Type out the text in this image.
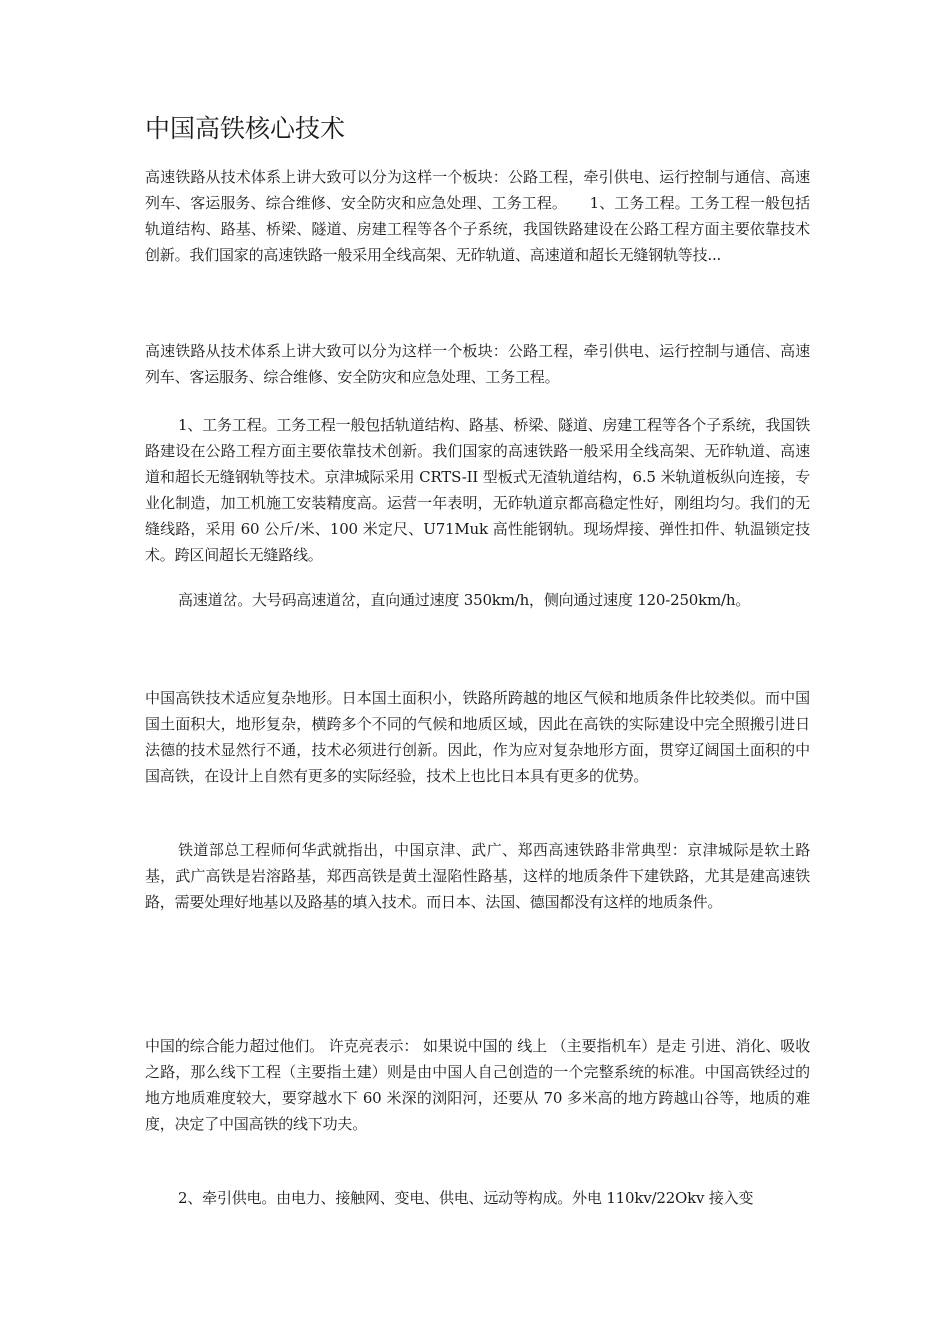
中国高铁核心技术

高速铁路从技术体系上讲大致可以分为这样一个板块：公路工程，牵引供电、运行控制与通信、高速列车、客运服务、综合维修、安全防灾和应急处理、工务工程。　　1、工务工程。工务工程一般包括轨道结构、路基、桥梁、隧道、房建工程等各个子系统，我国铁路建设在公路工程方面主要依靠技术创新。我们国家的高速铁路一般采用全线高架、无砟轨道、高速道和超长无缝钢轨等技...

高速铁路从技术体系上讲大致可以分为这样一个板块：公路工程，牵引供电、运行控制与通信、高速列车、客运服务、综合维修、安全防灾和应急处理、工务工程。

1、工务工程。工务工程一般包括轨道结构、路基、桥梁、隧道、房建工程等各个子系统，我国铁路建设在公路工程方面主要依靠技术创新。我们国家的高速铁路一般采用全线高架、无砟轨道、高速道和超长无缝钢轨等技术。京津城际采用 CRTS-II 型板式无渣轨道结构，6.5 米轨道板纵向连接，专业化制造，加工机施工安装精度高。运营一年表明，无砟轨道京都高稳定性好，刚组均匀。我们的无缝线路，采用 60 公斤/米、100 米定尺、U71Muk 高性能钢轨。现场焊接、弹性扣件、轨温锁定技术。跨区间超长无缝路线。

高速道岔。大号码高速道岔，直向通过速度 350km/h，侧向通过速度 120-250km/h。

中国高铁技术适应复杂地形。日本国土面积小，铁路所跨越的地区气候和地质条件比较类似。而中国国土面积大，地形复杂，横跨多个不同的气候和地质区域，因此在高铁的实际建设中完全照搬引进日法德的技术显然行不通，技术必须进行创新。因此，作为应对复杂地形方面，贯穿辽阔国土面积的中国高铁，在设计上自然有更多的实际经验，技术上也比日本具有更多的优势。

铁道部总工程师何华武就指出，中国京津、武广、郑西高速铁路非常典型：京津城际是软土路基，武广高铁是岩溶路基，郑西高铁是黄土湿陷性路基，这样的地质条件下建铁路，尤其是建高速铁路，需要处理好地基以及路基的填入技术。而日本、法国、德国都没有这样的地质条件。

中国的综合能力超过他们。 许克亮表示： 如果说中国的 线上 （主要指机车）是走 引进、消化、吸收 之路，那么线下工程（主要指土建）则是由中国人自己创造的一个完整系统的标准。中国高铁经过的地方地质难度较大，要穿越水下 60 米深的浏阳河，还要从 70 多米高的地方跨越山谷等，地质的难度，决定了中国高铁的线下功夫。

2、牵引供电。由电力、接触网、变电、供电、远动等构成。外电 110kv/22Okv 接入变
